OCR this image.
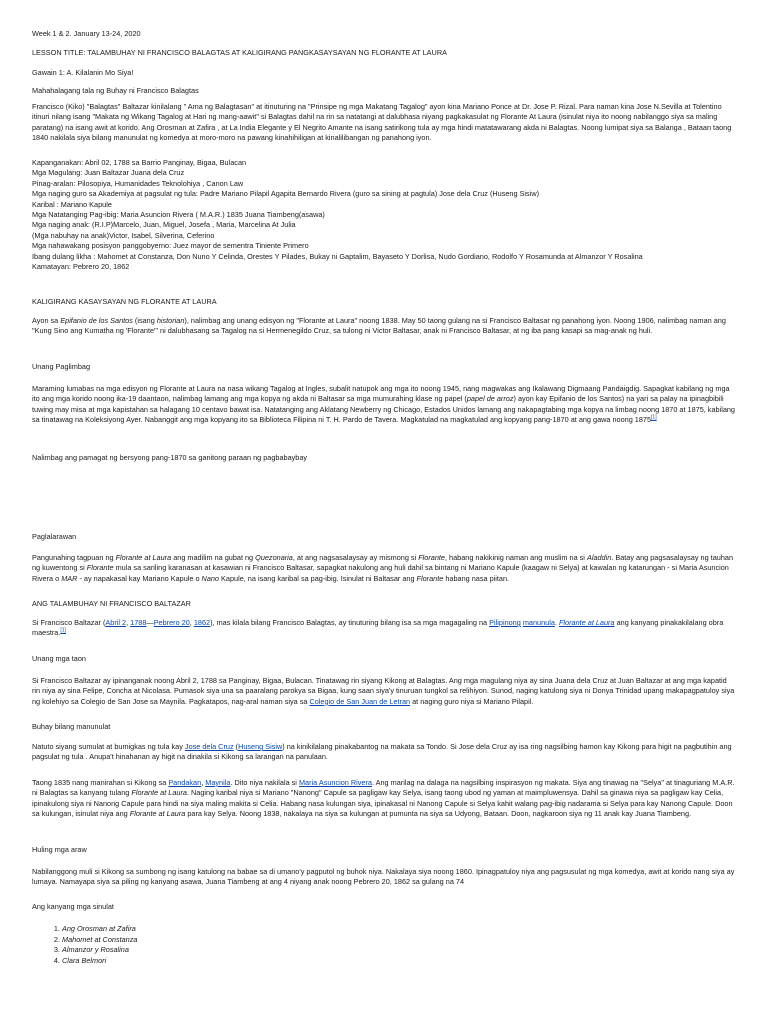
Week 1 & 2. January 13-24, 2020

LESSON TITLE: TALAMBUHAY NI FRANCISCO BALAGTAS AT KALIGIRANG PANGKASAYSAYAN NG FLORANTE AT LAURA

Gawain 1: A. Kilalanin Mo Siya!

Mahahalagang tala ng Buhay ni Francisco Balagtas

Francisco (Kiko) "Balagtas" Baltazar kinilalang " Ama ng Balagtasan" at itinuturing na "Prinsipe ng mga Makatang Tagalog" ayon kina Mariano Ponce at Dr. Jose P. Rizal. Para naman kina Jose N.Sevilla at Tolentino itinuri nilang isang "Makata ng Wikang Tagalog at Hari ng mang-aawit" si Balagtas dahil na rin sa natatangi at dalubhasa niyang pagkakasulat ng Florante At Laura (isinulat niya ito noong nabilanggo siya sa maling paratang) na isang awit at korido. Ang Orosman at Zafira , at La India Elegante y El Negrito Amante na isang satirikong tula ay mga hindi matatawarang akda ni Balagtas. Noong lumipat siya sa Balanga , Bataan taong 1840 nakilala siya bilang manunulat ng komedya at moro-moro na pawang kinahihiligan at kinalilibangan ng panahong iyon.

Kapanganakan: Abril 02, 1788 sa Barrio Panginay, Bigaa, Bulacan
Mga Magulang: Juan Baltazar Juana dela Cruz
Pinag-aralan: Pilosopiya, Humanidades Teknolohiya , Canon Law
Mga naging guro sa Akademiya at pagsulat ng tula: Padre Mariano Pilapil Agapita Bernardo Rivera (guro sa sining at pagtula) Jose dela Cruz (Huseng Sisiw)
Karibal : Mariano Kapule
Mga Natatanging Pag-ibig: Maria Asuncion Rivera ( M.A.R.) 1835 Juana Tiambeng(asawa)
Mga naging anak: (R.I.P)Marcelo, Juan, Miguel, Josefa , Maria, Marcelina At Julia
(Mga nabuhay na anak)Victor, Isabel, Silverina, Ceferino
Mga nahawakang posisyon panggobyerno: Juez mayor de sementra Tiniente Primero
Ibang dulang likha : Mahomet at Constanza, Don Nuno Y Celinda, Orestes Y Pilades, Bukay ni Gaptalim, Bayaseto Y Dorlisa, Nudo Gordiano, Rodolfo Y Rosamunda at Almanzor Y Rosalina
Kamatayan: Pebrero 20, 1862

KALIGIRANG KASAYSAYAN NG FLORANTE AT LAURA

Ayon sa Epifanio de los Santos (isang historian), nalimbag ang unang edisyon ng "Florante at Laura" noong 1838. May 50 taong gulang na si Francisco Baltasar ng panahong iyon. Noong 1906, nalimbag naman ang "Kung Sino ang Kumatha ng 'Florante'" ni dalubhasang sa Tagalog na si Hermenegildo Cruz, sa tulong ni Victor Baltasar, anak ni Francisco Baltasar, at ng iba pang kasapi sa mag-anak ng huli.

Unang Paglimbag

Maraming lumabas na mga edisyon ng Florante at Laura na nasa wikang Tagalog at Ingles, subalit natupok ang mga ito noong 1945, nang magwakas ang Ikalawang Digmaang Pandaigdig. Sapagkat kabilang ng mga ito ang mga korido noong ika-19 daantaon, nalimbag lamang ang mga kopya ng akda ni Baltasar sa mga mumurahing klase ng papel (papel de arroz) ayon kay Epifanio de los Santos) na yari sa palay na ipinagbibili tuwing may misa at mga kapistahan sa halagang 10 centavo bawat isa. Natatanging ang Aklatang Newberry ng Chicago, Estados Unidos lamang ang nakapagtabing mga kopya na limbag noong 1870 at 1875, kabilang sa tinatawag na Koleksiyong Ayer. Nabanggit ang mga kopyang ito sa Biblioteca Filipina ni T. H. Pardo de Tavera. Magkatulad na magkatulad ang kopyang pang-1870 at ang gawa noong 1875[1]

Nalimbag ang pamagat ng bersyong pang-1870 sa ganitong paraan ng pagbabaybay

Paglalarawan

Pangunahing tagpuan ng Florante at Laura ang madilim na gubat ng Quezonaria, at ang nagsasalaysay ay mismong si Florante, habang nakikinig naman ang muslim na si Aladdin. Batay ang pagsasalaysay ng tauhan ng kuwentong si Florante mula sa sariling karanasan at kasawian ni Francisco Baltasar, sapagkat nakulong ang huli dahil sa bintang ni Mariano Kapule (kaagaw ni Selya) at kawalan ng katarungan - si Maria Asuncion Rivera o MAR - ay napakasal kay Mariano Kapule o Nano Kapule, na isang karibal sa pag-ibig. Isinulat ni Baltasar ang Florante habang nasa piitan.

ANG TALAMBUHAY NI FRANCISCO BALTAZAR

Si Francisco Baltazar (Abril 2, 1788—Pebrero 20, 1862), mas kilala bilang Francisco Balagtas, ay tinuturing bilang isa sa mga magagaling na Pilipinong manunula. Florante at Laura ang kanyang pinakakilalang obra maestra.[1]

Unang mga taon

Si Francisco Baltazar ay ipinanganak noong Abril 2, 1788 sa Panginay, Bigaa, Bulacan. Tinatawag rin siyang Kikong at Balagtas. Ang mga magulang niya ay sina Juana dela Cruz at Juan Baltazar at ang mga kapatid rin niya ay sina Felipe, Concha at Nicolasa. Pumasok siya una sa paaralang parokya sa Bigaa, kung saan siya'y tinuruan tungkol sa relihiyon. Sunod, naging katulong siya ni Donya Trinidad upang makapagpatuloy siya ng kolehiyo sa Colegio de San Jose sa Maynila. Pagkatapos, nag-aral naman siya sa Colegio de San Juan de Letran at naging guro niya si Mariano Pilapil.

Buhay bilang manunulat

Natuto siyang sumulat at bumigkas ng tula kay Jose dela Cruz (Huseng Sisiw) na kinikilalang pinakabantog na makata sa Tondo. Si Jose dela Cruz ay isa ring nagsilbing hamon kay Kikong para higit na pagbutihin ang pagsulat ng tula . Anupa't hinahanan ay higit na dinakila si Kikong sa larangan na panulaan.

Taong 1835 nang manirahan si Kikong sa Pandakan, Maynila. Dito niya nakilala si Maria Asuncion Rivera. Ang marilag na dalaga na nagsilbing inspirasyon ng makata. Siya ang tinawag na "Selya" at tinaguriang M.A.R. ni Balagtas sa kanyang tulang Florante at Laura. Naging karibal niya si Mariano "Nanong" Capule sa pagligaw kay Selya, isang taong ubod ng yaman at maimpluwensya. Dahil sa ginawa niya sa pagligaw kay Celia, ipinakulong siya ni Nanong Capule para hindi na siya maling makita si Celia. Habang nasa kulungan siya, ipinakasal ni Nanong Capule si Selya kahit walang pag-ibig nadarama si Selya para kay Nanong Capule. Doon sa kulungan, isinulat niya ang Florante at Laura para kay Selya. Noong 1838, nakalaya na siya sa kulungan at pumunta na siya sa Udyong, Bataan. Doon, nagkaroon siya ng 11 anak kay Juana Tiambeng.

Huling mga araw

Nabilanggong muli si Kikong sa sumbong ng isang katulong na babae sa di umano'y pagputol ng buhok niya. Nakalaya siya noong 1860. Ipinagpatuloy niya ang pagsusulat ng mga komedya, awit at korido nang siya ay lumaya. Namayapa siya sa piling ng kanyang asawa, Juana Tiambeng at ang 4 niyang anak noong Pebrero 20, 1862 sa gulang na 74

Ang kanyang mga sinulat

1. Ang Orosman at Zafira
2. Mahomet at Constanza
3. Almanzor y Rosalina
4. Clara Belmori
